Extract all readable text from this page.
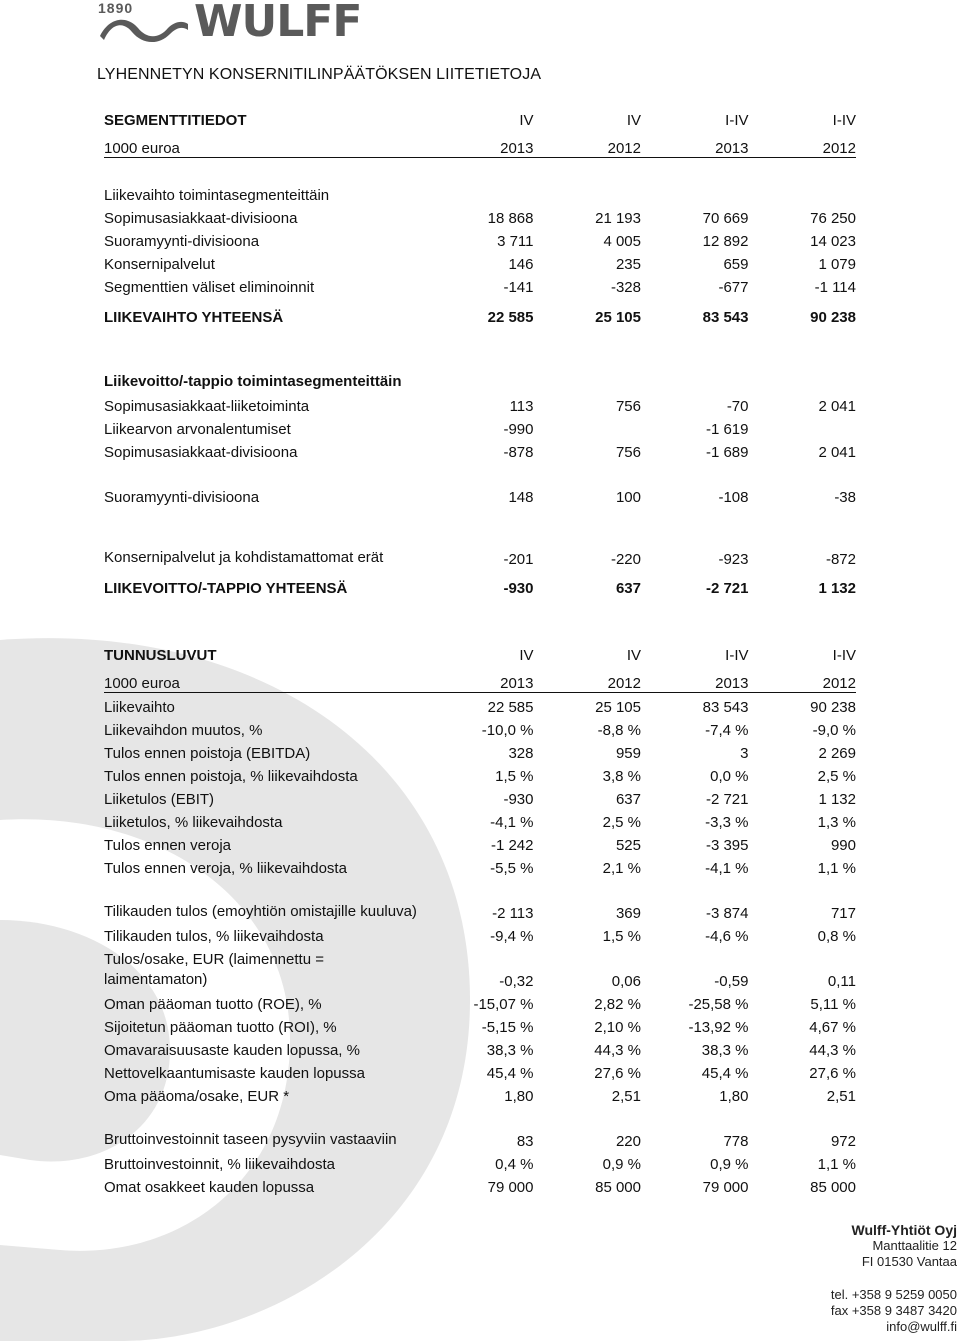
1890 WULFF
LYHENNETYN KONSERNITILINPÄÄTÖKSEN LIITETIETOJA
SEGMENTTITIEDOT	IV	IV	I-IV	I-IV
1000 euroa	2013	2012	2013	2012

Liikevaihto toimintasegmenteittäin				
Sopimusasiakkaat-divisioona	18 868	21 193	70 669	76 250
Suoramyynti-divisioona	3 711	4 005	12 892	14 023
Konsernipalvelut	146	235	659	1 079
Segmenttien väliset eliminoinnit	-141	-328	-677	-1 114
LIIKEVAIHTO YHTEENSÄ	22 585	25 105	83 543	90 238

Liikevoitto/-tappio toimintasegmenteittäin				
Sopimusasiakkaat-liiketoiminta	113	756	-70	2 041
Liikearvon arvonalentumiset	-990		-1 619	
Sopimusasiakkaat-divisioona	-878	756	-1 689	2 041

Suoramyynti-divisioona	148	100	-108	-38

Konsernipalvelut ja kohdistamattomat erät	-201	-220	-923	-872
LIIKEVOITTO/-TAPPIO YHTEENSÄ	-930	637	-2 721	1 132
TUNNUSLUVUT	IV	IV	I-IV	I-IV
1000 euroa	2013	2012	2013	2012
Liikevaihto	22 585	25 105	83 543	90 238
Liikevaihdon muutos, %	-10,0 %	-8,8 %	-7,4 %	-9,0 %
Tulos ennen poistoja (EBITDA)	328	959	3	2 269
Tulos ennen poistoja, % liikevaihdosta	1,5 %	3,8 %	0,0 %	2,5 %
Liiketulos (EBIT)	-930	637	-2 721	1 132
Liiketulos, % liikevaihdosta	-4,1 %	2,5 %	-3,3 %	1,3 %
Tulos ennen veroja	-1 242	525	-3 395	990
Tulos ennen veroja, % liikevaihdosta	-5,5 %	2,1 %	-4,1 %	1,1 %
Tilikauden tulos (emoyhtiön omistajille kuuluva)	-2 113	369	-3 874	717
Tilikauden tulos, % liikevaihdosta	-9,4 %	1,5 %	-4,6 %	0,8 %
Tulos/osake, EUR (laimennettu = laimentamaton)	-0,32	0,06	-0,59	0,11
Oman pääoman tuotto (ROE), %	-15,07 %	2,82 %	-25,58 %	5,11 %
Sijoitetun pääoman tuotto (ROI), %	-5,15 %	2,10 %	-13,92 %	4,67 %
Omavaraisuusaste kauden lopussa, %	38,3 %	44,3 %	38,3 %	44,3 %
Nettovelkaantumisaste kauden lopussa	45,4 %	27,6 %	45,4 %	27,6 %
Oma pääoma/osake, EUR *	1,80	2,51	1,80	2,51
Bruttoinvestoinnit taseen pysyviin vastaaviin	83	220	778	972
Bruttoinvestoinnit, % liikevaihdosta	0,4 %	0,9 %	0,9 %	1,1 %
Omat osakkeet kauden lopussa	79 000	85 000	79 000	85 000
Wulff-Yhtiöt Oyj
Manttaalitie 12
FI 01530 Vantaa
tel. +358 9 5259 0050
fax +358 9 3487 3420
info@wulff.fi
